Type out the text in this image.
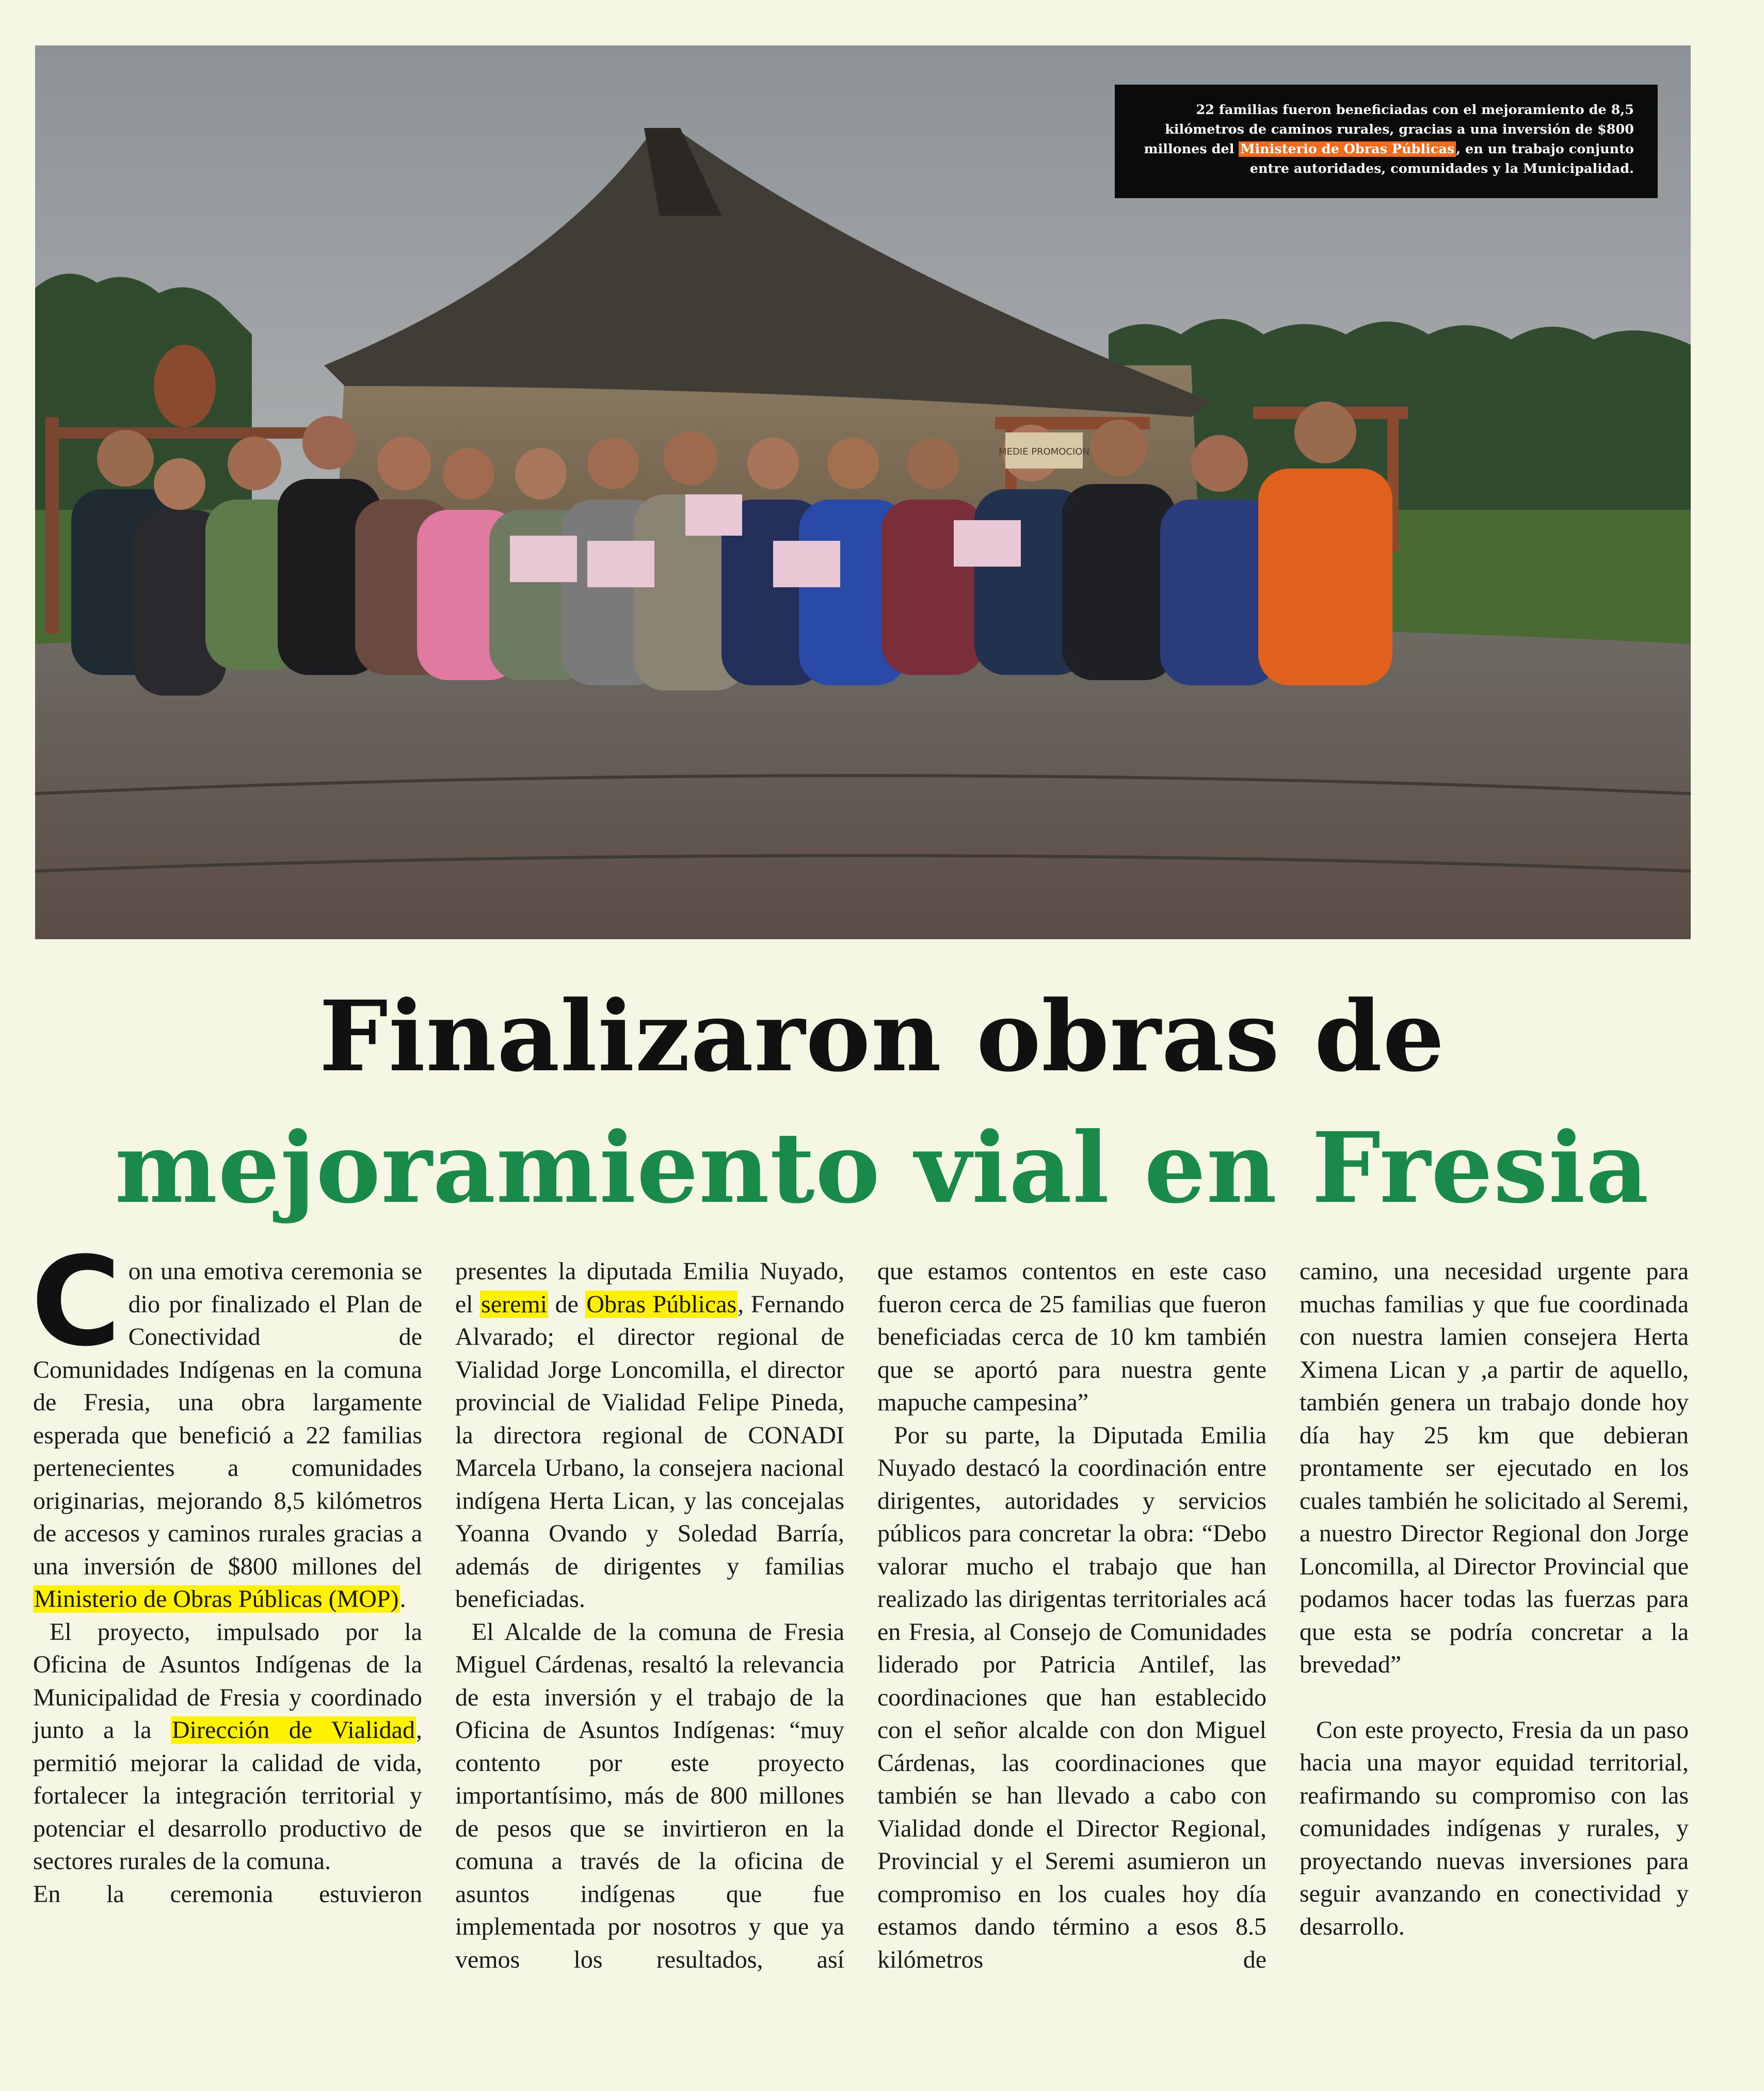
MEDIE PROMOCION
22 familias fueron beneficiadas con el mejoramiento de 8,5 kilómetros de caminos rurales, gracias a una inversión de $800 millones del Ministerio de Obras Públicas , en un trabajo conjunto entre autoridades, comunidades y la Municipalidad.
Finalizaron obras de
mejoramiento vial en Fresia

Con una emotiva ceremonia se dio por finalizado el Plan de Conectividad de Comunidades Indígenas en la comuna de Fresia, una obra largamente esperada que benefició a 22 familias pertenecientes a comunidades originarias, mejorando 8,5 kilómetros de accesos y caminos rurales gracias a una inversión de $800 millones del Ministerio de Obras Públicas (MOP).

El proyecto, impulsado por la Oficina de Asuntos Indígenas de la Municipalidad de Fresia y coordinado junto a la Dirección de Vialidad, permitió mejorar la calidad de vida, fortalecer la integración territorial y potenciar el desarrollo productivo de sectores rurales de la comuna.

En la ceremonia estuvieron

presentes la diputada Emilia Nuyado, el seremi de Obras Públicas, Fernando Alvarado; el director regional de Vialidad Jorge Loncomilla, el director provincial de Vialidad Felipe Pineda, la directora regional de CONADI Marcela Urbano, la consejera nacional indígena Herta Lican, y las concejalas Yoanna Ovando y Soledad Barría, además de dirigentes y familias beneficiadas.

El Alcalde de la comuna de Fresia Miguel Cárdenas, resaltó la relevancia de esta inversión y el trabajo de la Oficina de Asuntos Indígenas: “muy contento por este proyecto importantísimo, más de 800 millones de pesos que se invirtieron en la comuna a través de la oficina de asuntos indígenas que fue implementada por nosotros y que ya vemos los resultados, así

que estamos contentos en este caso fueron cerca de 25 familias que fueron beneficiadas cerca de 10 km también que se aportó para nuestra gente mapuche campesina”

Por su parte, la Diputada Emilia Nuyado destacó la coordinación entre dirigentes, autoridades y servicios públicos para concretar la obra: “Debo valorar mucho el trabajo que han realizado las dirigentas territoriales acá en Fresia, al Consejo de Comunidades liderado por Patricia Antilef, las coordinaciones que han establecido con el señor alcalde con don Miguel Cárdenas, las coordinaciones que también se han llevado a cabo con Vialidad donde el Director Regional, Provincial y el Seremi asumieron un compromiso en los cuales hoy día estamos dando término a esos 8.5 kilómetros de

camino, una necesidad urgente para muchas familias y que fue coordinada con nuestra lamien consejera Herta Ximena Lican y ,a partir de aquello, también genera un trabajo donde hoy día hay 25 km que debieran prontamente ser ejecutado en los cuales también he solicitado al Seremi, a nuestro Director Regional don Jorge Loncomilla, al Director Provincial que podamos hacer todas las fuerzas para que esta se podría concretar a la brevedad”

Con este proyecto, Fresia da un paso hacia una mayor equidad territorial, reafirmando su compromiso con las comunidades indígenas y rurales, y proyectando nuevas inversiones para seguir avanzando en conectividad y desarrollo.
